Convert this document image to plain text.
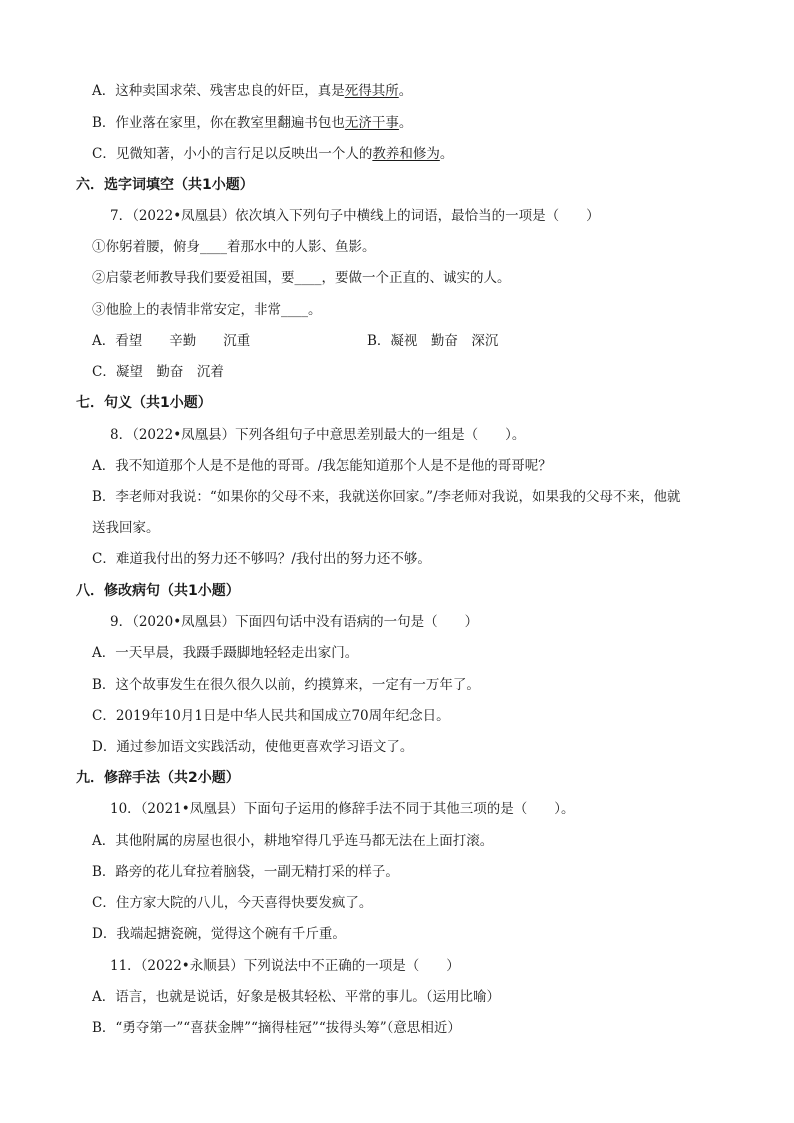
A．这种卖国求荣、残害忠良的奸臣，真是死得其所。
B．作业落在家里，你在教室里翻遍书包也无济干事。
C．见微知著，小小的言行足以反映出一个人的教养和修为。
六．选字词填空（共1小题）
7．（2022•凤凰县）依次填入下列句子中横线上的词语，最恰当的一项是（　　）
①你躬着腰，俯身____着那水中的人影、鱼影。
②启蒙老师教导我们要爱祖国，要____，要做一个正直的、诚实的人。
③他脸上的表情非常安定，非常____。
A．看望　　辛勤　　沉重	B．凝视　勤奋　深沉
C．凝望　勤奋　沉着
七．句义（共1小题）
8．（2022•凤凰县）下列各组句子中意思差别最大的一组是（　　）。
A．我不知道那个人是不是他的哥哥。/我怎能知道那个人是不是他的哥哥呢？
B．李老师对我说：“如果你的父母不来，我就送你回家。”/李老师对我说，如果我的父母不来，他就
送我回家。
C．难道我付出的努力还不够吗？/我付出的努力还不够。
八．修改病句（共1小题）
9．（2020•凤凰县）下面四句话中没有语病的一句是（　　）
A．一天早晨，我蹑手蹑脚地轻轻走出家门。
B．这个故事发生在很久很久以前，约摸算来，一定有一万年了。
C．2019年10月1日是中华人民共和国成立70周年纪念日。
D．通过参加语文实践活动，使他更喜欢学习语文了。
九．修辞手法（共2小题）
10．（2021•凤凰县）下面句子运用的修辞手法不同于其他三项的是（　　）。
A．其他附属的房屋也很小，耕地窄得几乎连马都无法在上面打滚。
B．路旁的花儿耷拉着脑袋，一副无精打采的样子。
C．住方家大院的八儿，今天喜得快要发疯了。
D．我端起搪瓷碗，觉得这个碗有千斤重。
11．（2022•永顺县）下列说法中不正确的一项是（　　）
A．语言，也就是说话，好象是极其轻松、平常的事儿。（运用比喻）
B．“勇夺第一”“喜获金牌”“摘得桂冠”“拔得头筹”（意思相近）
